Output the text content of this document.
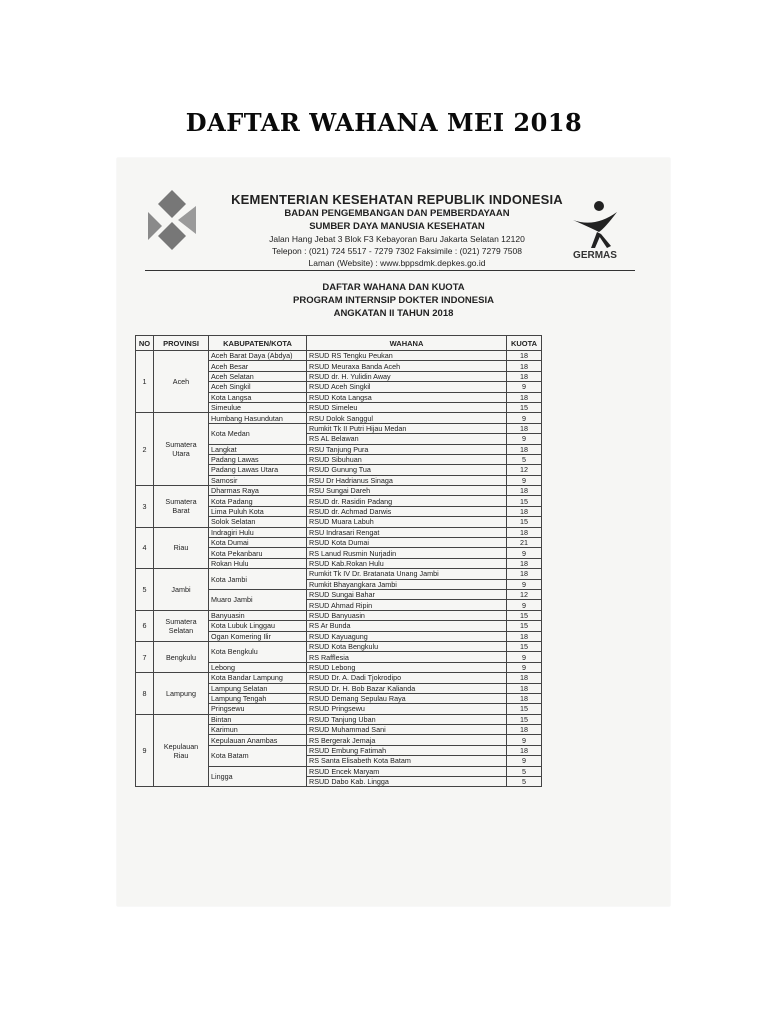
DAFTAR WAHANA MEI 2018
KEMENTERIAN KESEHATAN REPUBLIK INDONESIA
BADAN PENGEMBANGAN DAN PEMBERDAYAAN
SUMBER DAYA MANUSIA KESEHATAN
Jalan Hang Jebat 3 Blok F3 Kebayoran Baru Jakarta Selatan 12120
Telepon : (021) 724 5517 - 7279 7302 Faksimile : (021) 7279 7508
Laman (Website) : www.bppsdmk.depkes.go.id
GERMAS
DAFTAR WAHANA DAN KUOTA
PROGRAM INTERNSIP DOKTER INDONESIA
ANGKATAN II TAHUN 2018
NO	PROVINSI	KABUPATEN/KOTA	WAHANA	KUOTA
1	Aceh	Aceh Barat Daya (Abdya)	RSUD RS Tengku Peukan	18
		Aceh Besar	RSUD Meuraxa Banda Aceh	18
		Aceh Selatan	RSUD dr. H. Yulidin Away	18
		Aceh Singkil	RSUD Aceh Singkil	9
		Kota Langsa	RSUD Kota Langsa	18
		Simeulue	RSUD Simeleu	15
2	Sumatera Utara	Humbang Hasundutan	RSU Dolok Sanggul	9
		Kota Medan	Rumkit Tk II Putri Hijau Medan	18
			RS AL Belawan	9
		Langkat	RSU Tanjung Pura	18
		Padang Lawas	RSUD Sibuhuan	5
		Padang Lawas Utara	RSUD Gunung Tua	12
		Samosir	RSU Dr Hadrianus Sinaga	9
3	Sumatera Barat	Dharmas Raya	RSU Sungai Dareh	18
		Kota Padang	RSUD dr. Rasidin Padang	15
		Lima Puluh Kota	RSUD dr. Achmad Darwis	18
		Solok Selatan	RSUD Muara Labuh	15
4	Riau	Indragiri Hulu	RSU Indrasari Rengat	18
		Kota Dumai	RSUD Kota Dumai	21
		Kota Pekanbaru	RS Lanud Rusmin Nurjadin	9
		Rokan Hulu	RSUD Kab.Rokan Hulu	18
5	Jambi	Kota Jambi	Rumkit Tk IV Dr. Bratanata Unang Jambi	18
			Rumkit Bhayangkara Jambi	9
		Muaro Jambi	RSUD Sungai Bahar	12
			RSUD Ahmad Ripin	9
6	Sumatera Selatan	Banyuasin	RSUD Banyuasin	15
		Kota Lubuk Linggau	RS Ar Bunda	15
		Ogan Komering Ilir	RSUD Kayuagung	18
7	Bengkulu	Kota Bengkulu	RSUD Kota Bengkulu	15
			RS Rafflesia	9
		Lebong	RSUD Lebong	9
8	Lampung	Kota Bandar Lampung	RSUD Dr. A. Dadi Tjokrodipo	18
		Lampung Selatan	RSUD Dr. H. Bob Bazar Kalianda	18
		Lampung Tengah	RSUD Demang Sepulau Raya	18
		Pringsewu	RSUD Pringsewu	15
9	Kepulauan Riau	Bintan	RSUD Tanjung Uban	15
		Karimun	RSUD Muhammad Sani	18
		Kepulauan Anambas	RS Bergerak Jemaja	9
		Kota Batam	RSUD Embung Fatimah	18
			RS Santa Elisabeth Kota Batam	9
		Lingga	RSUD Encek Maryam	5
			RSUD Dabo Kab. Lingga	5
